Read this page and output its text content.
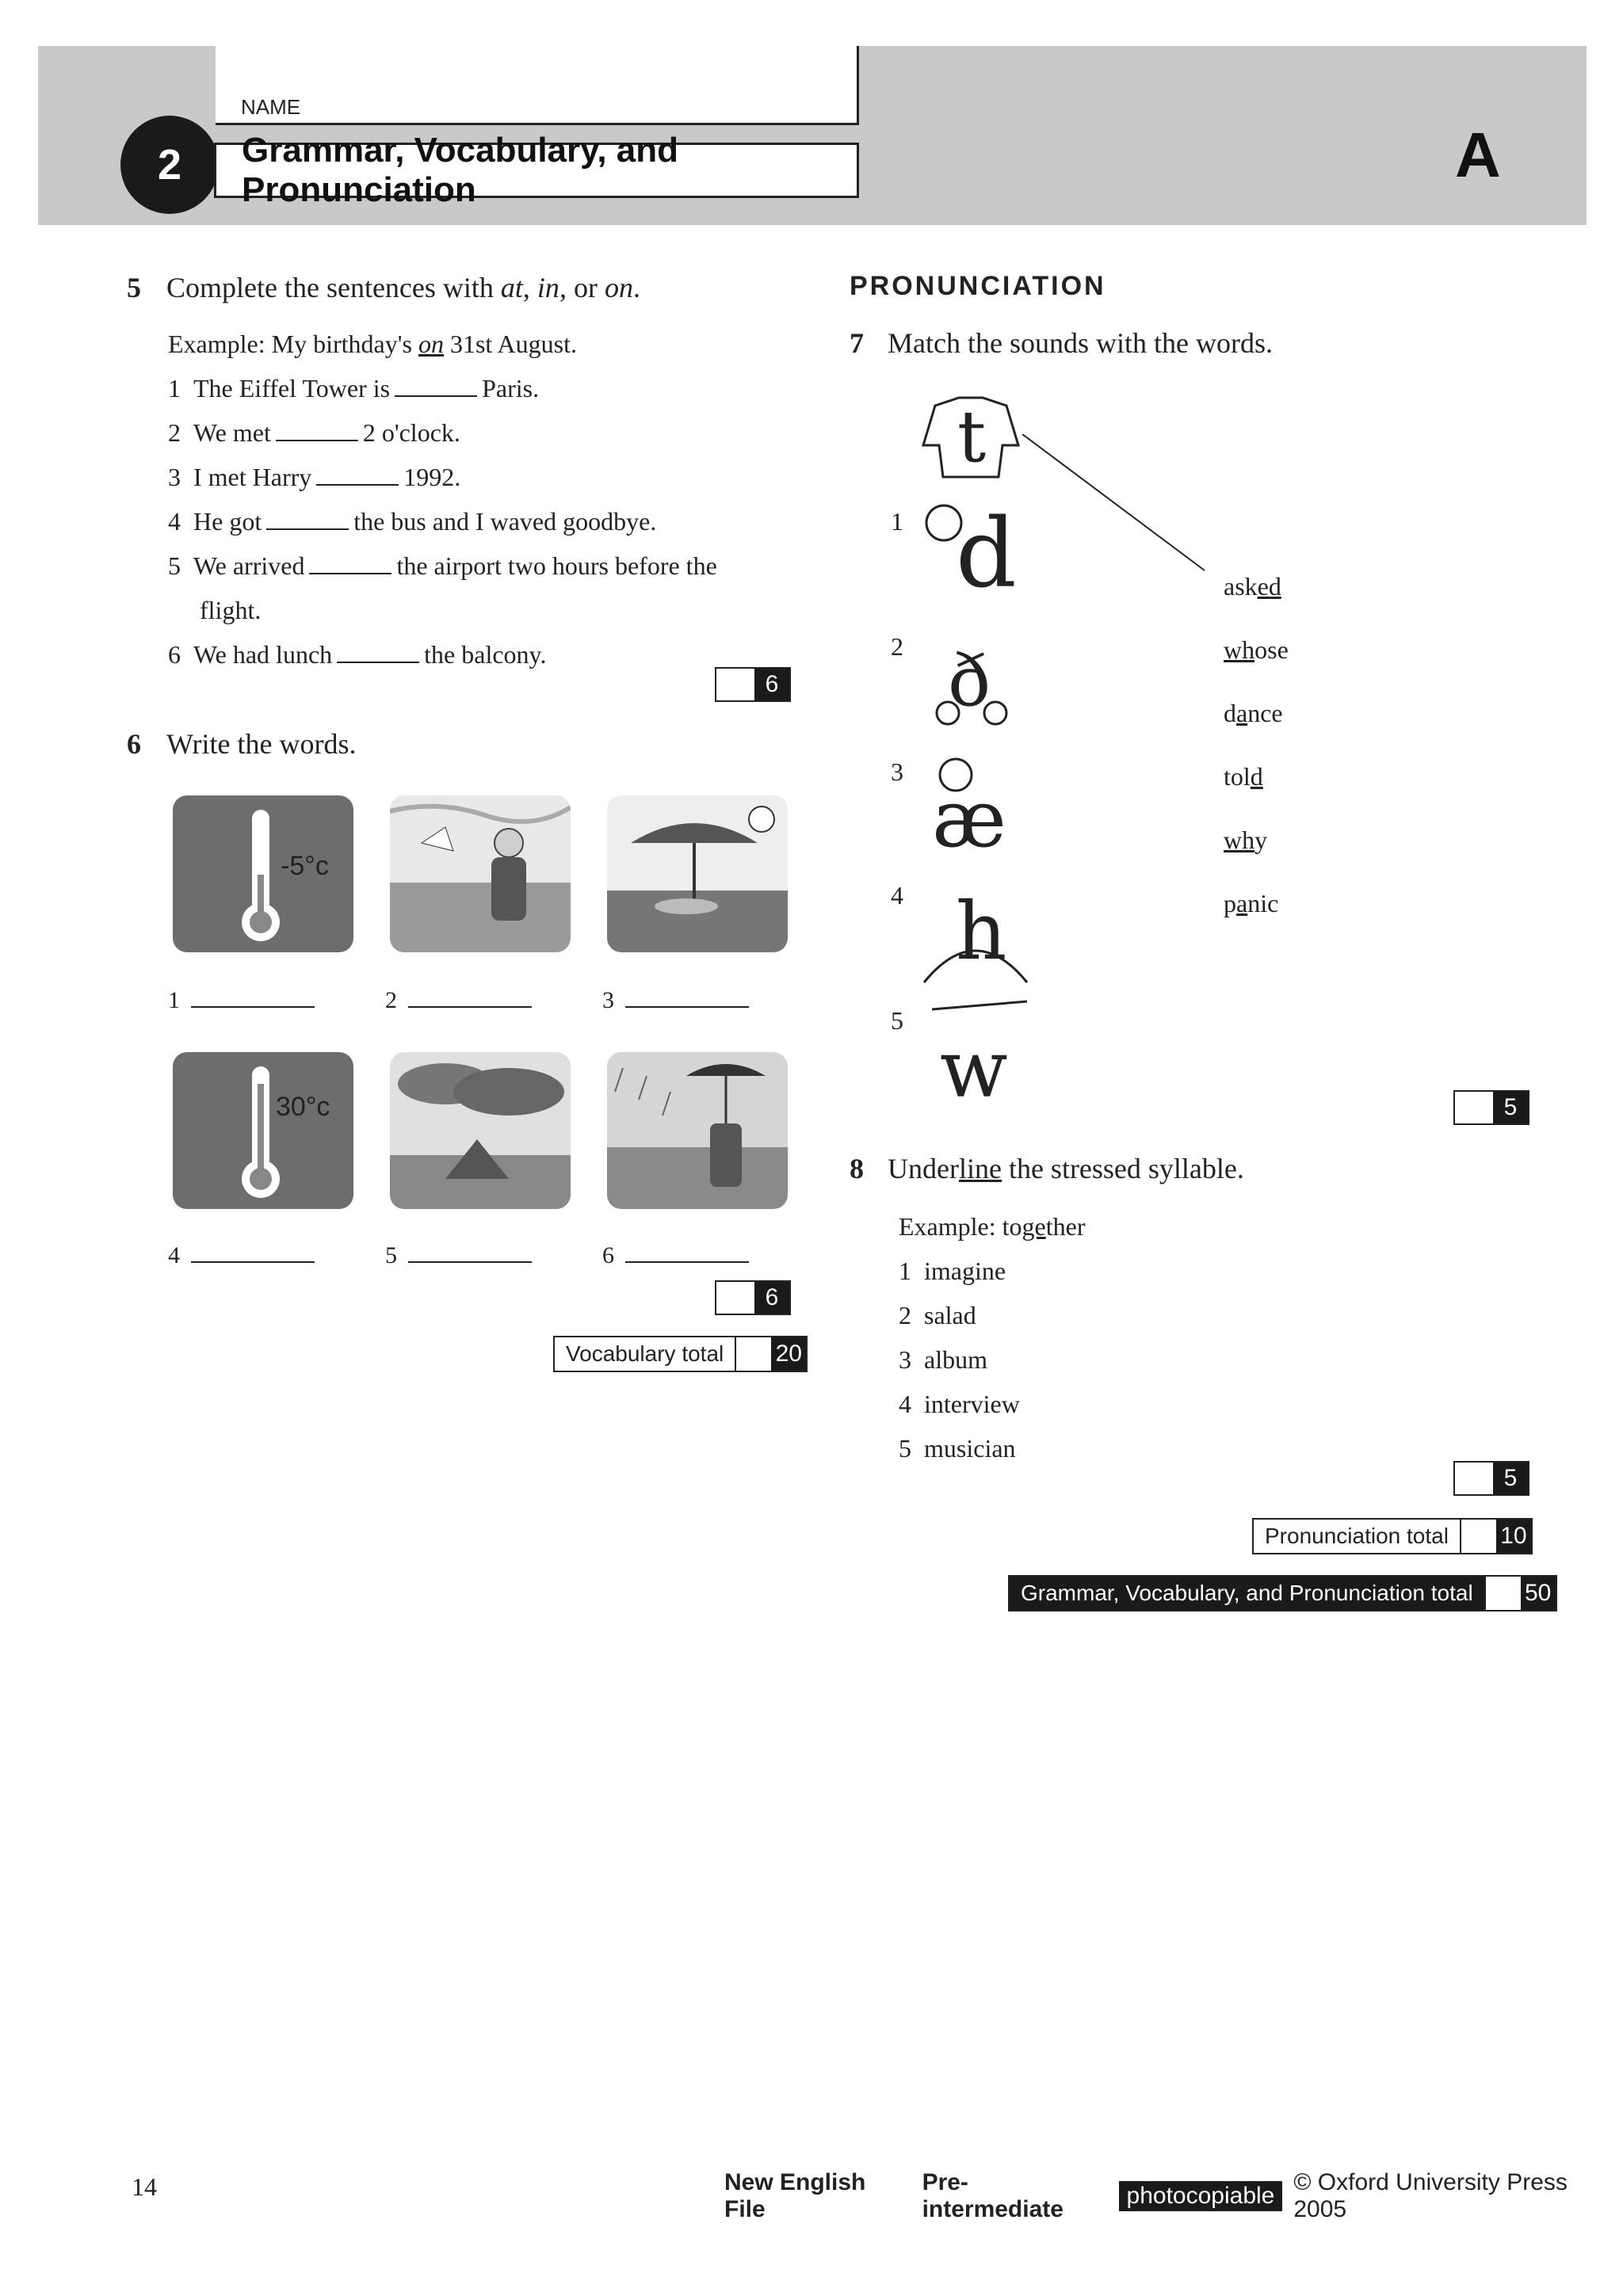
NAME
2	Grammar, Vocabulary, and Pronunciation	A
5 Complete the sentences with at, in, or on.
Example: My birthday's on 31st August.
1 The Eiffel Tower is	Paris.
2 We met	2 o'clock.
3 I met Harry	1992.
4 He got	the bus and I waved goodbye.
5 We arrived	the airport two hours before the
flight.
6 We had lunch	the balcony.
6
6 Write the words.
-5°c
1	2	3
30°c
4	5	6
6
Vocabulary total	20
PRONUNCIATION
7 Match the sounds with the words.
t
1 d
2 ð
3
æ
4 h
5
w
asked
whose
dance
told
why
panic
5
8 Underline the stressed syllable.
Example: together
1 imagine
2 salad
3 album
4 interview
5 musician
5
Pronunciation total	10
Grammar, Vocabulary, and Pronunciation total	50
14	New English File
Pre-intermediate
photocopiable
© Oxford University Press 2005
